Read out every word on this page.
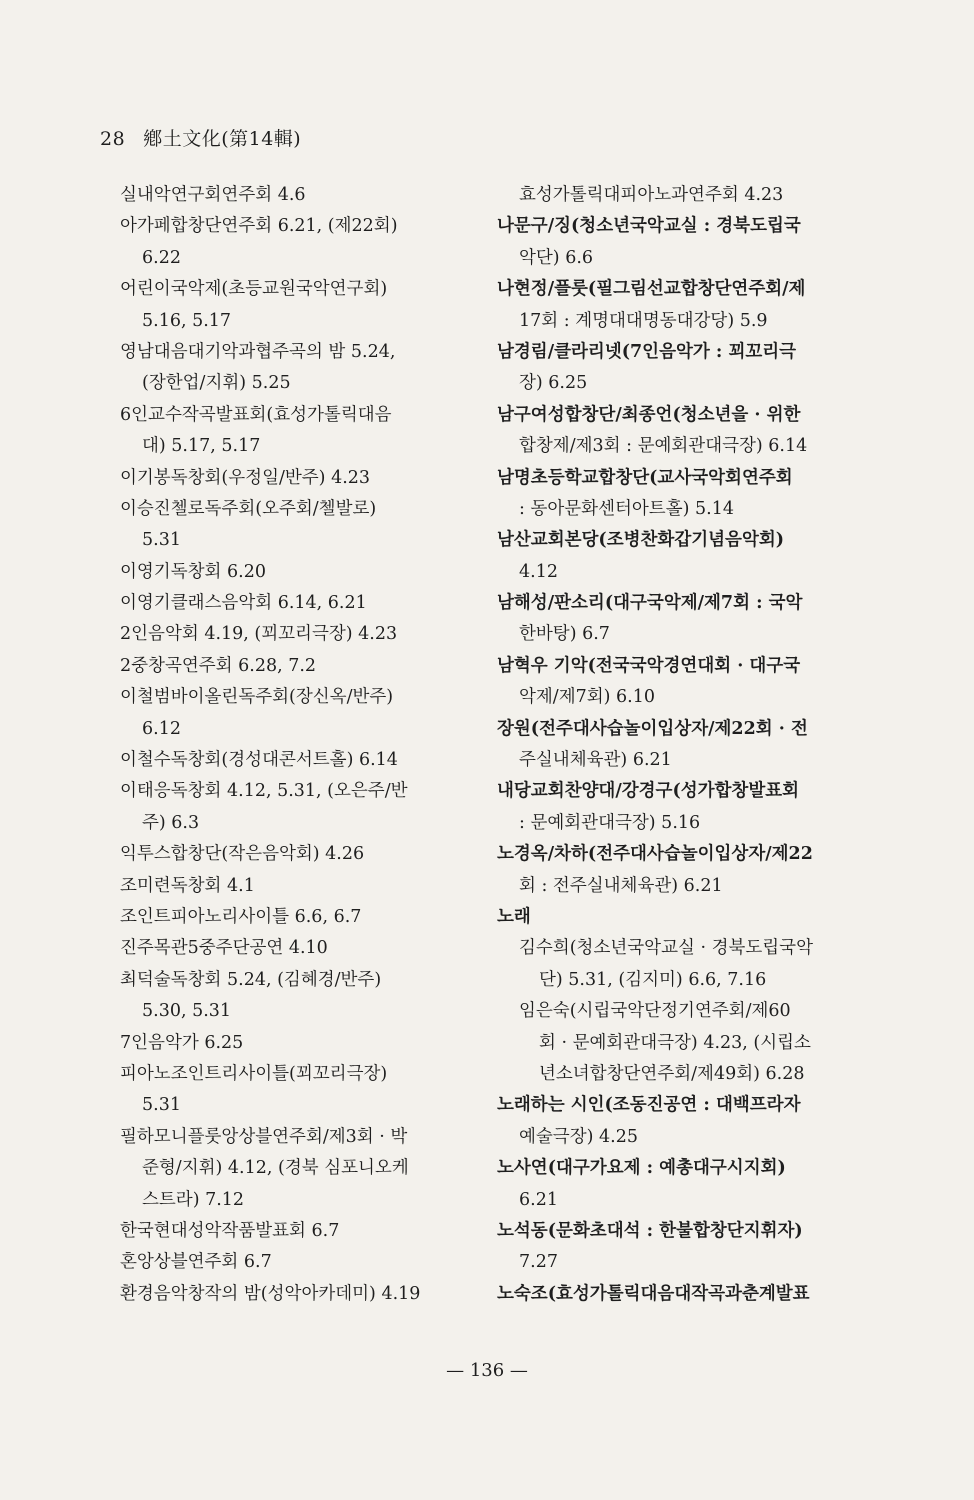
28 鄕土文化(第14輯)
실내악연구회연주회 4.6
아가페합창단연주회 6.21, (제22회)
6.22
어린이국악제(초등교원국악연구회)
5.16, 5.17
영남대음대기악과협주곡의 밤 5.24,
(장한업/지휘) 5.25
6인교수작곡발표회(효성가톨릭대음
대) 5.17, 5.17
이기봉독창회(우정일/반주) 4.23
이승진첼로독주회(오주회/첼발로)
5.31
이영기독창회 6.20
이영기클래스음악회 6.14, 6.21
2인음악회 4.19, (꾀꼬리극장) 4.23
2중창곡연주회 6.28, 7.2
이철범바이올린독주회(장신옥/반주)
6.12
이철수독창회(경성대콘서트홀) 6.14
이태응독창회 4.12, 5.31, (오은주/반
주) 6.3
익투스합창단(작은음악회) 4.26
조미련독창회 4.1
조인트피아노리사이틀 6.6, 6.7
진주목관5중주단공연 4.10
최덕술독창회 5.24, (김혜경/반주)
5.30, 5.31
7인음악가 6.25
피아노조인트리사이틀(꾀꼬리극장)
5.31
필하모니플룻앙상블연주회/제3회 · 박
준형/지휘) 4.12, (경북 심포니오케
스트라) 7.12
한국현대성악작품발표회 6.7
혼앙상블연주회 6.7
환경음악창작의 밤(성악아카데미) 4.19
효성가톨릭대피아노과연주회 4.23
나문구/징(청소년국악교실 : 경북도립국
악단) 6.6
나현정/플룻(필그림선교합창단연주회/제
17회 : 계명대대명동대강당) 5.9
남경림/클라리넷(7인음악가 : 꾀꼬리극
장) 6.25
남구여성합창단/최종언(청소년을 · 위한
합창제/제3회 : 문예회관대극장) 6.14
남명초등학교합창단(교사국악회연주회
: 동아문화센터아트홀) 5.14
남산교회본당(조병찬화갑기념음악회)
4.12
남해성/판소리(대구국악제/제7회 : 국악
한바탕) 6.7
남혁우 기악(전국국악경연대회 · 대구국
악제/제7회) 6.10
장원(전주대사습놀이입상자/제22회 · 전
주실내체육관) 6.21
내당교회찬양대/강경구(성가합창발표회
: 문예회관대극장) 5.16
노경옥/차하(전주대사습놀이입상자/제22
회 : 전주실내체육관) 6.21
노래
김수희(청소년국악교실 · 경북도립국악
단) 5.31, (김지미) 6.6, 7.16
임은숙(시립국악단정기연주회/제60
회 · 문예회관대극장) 4.23, (시립소
년소녀합창단연주회/제49회) 6.28
노래하는 시인(조동진공연 : 대백프라자
예술극장) 4.25
노사연(대구가요제 : 예총대구시지회)
6.21
노석동(문화초대석 : 한불합창단지휘자)
7.27
노숙조(효성가톨릭대음대작곡과춘계발표
— 136 —
